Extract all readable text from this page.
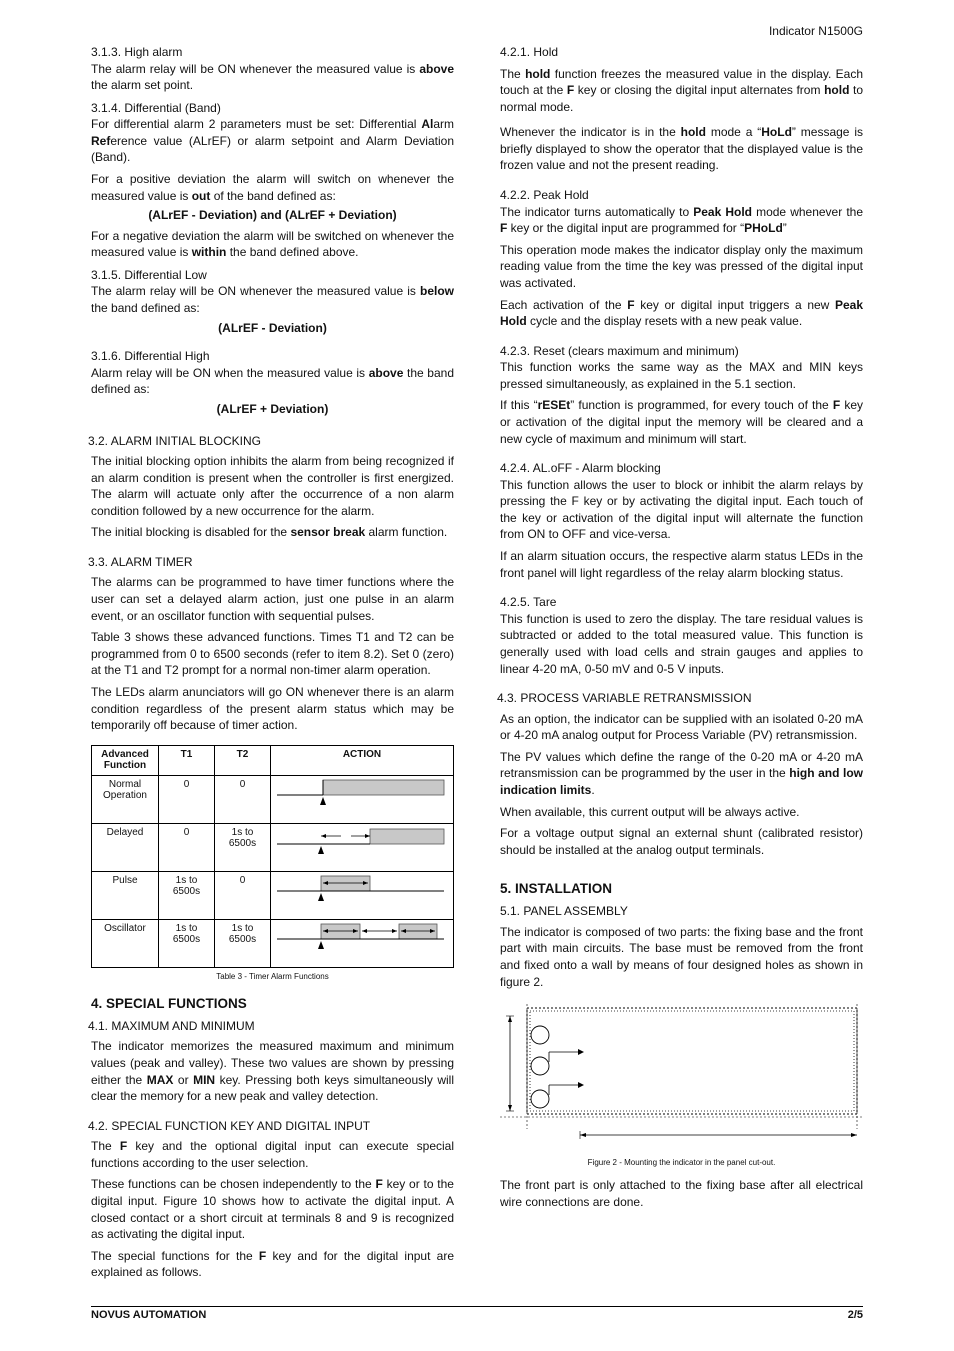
Indicator N1500G
3.1.3. High alarm

The alarm relay will be ON whenever the measured value is above the alarm set point.

3.1.4. Differential (Band)

For differential alarm 2 parameters must be set: Differential Alarm Reference value (ALrEF) or alarm setpoint and Alarm Deviation (Band).

For a positive deviation the alarm will switch on whenever the measured value is out of the band defined as:

(ALrEF - Deviation) and (ALrEF + Deviation)

For a negative deviation the alarm will be switched on whenever the measured value is within the band defined above.

3.1.5. Differential Low

The alarm relay will be ON whenever the measured value is below the band defined as:

(ALrEF - Deviation)
3.1.6. Differential High

Alarm relay will be ON when the measured value is above the band defined as:

(ALrEF + Deviation)
3.2. ALARM INITIAL BLOCKING

The initial blocking option inhibits the alarm from being recognized if an alarm condition is present when the controller is first energized. The alarm will actuate only after the occurrence of a non alarm condition followed by a new occurrence for the alarm.

The initial blocking is disabled for the sensor break alarm function.

3.3. ALARM TIMER

The alarms can be programmed to have timer functions where the user can set a delayed alarm action, just one pulse in an alarm event, or an oscillator function with sequential pulses.

Table 3 shows these advanced functions. Times T1 and T2 can be programmed from 0 to 6500 seconds (refer to item 8.2). Set 0 (zero) at the T1 and T2 prompt for a normal non-timer alarm operation.

The LEDs alarm anunciators will go ON whenever there is an alarm condition regardless of the present alarm status which may be temporarily off because of timer action.

Advanced Function	T1	T2	ACTION
Normal Operation	0	0	
Delayed	0	1s to 6500s	
Pulse	1s to 6500s	0	
Oscillator	1s to 6500s	1s to 6500s	
Table 3 - Timer Alarm Functions
4. SPECIAL FUNCTIONS
4.1. MAXIMUM AND MINIMUM

The indicator memorizes the measured maximum and minimum values (peak and valley). These two values are shown by pressing either the MAX or MIN key. Pressing both keys simultaneously will clear the memory for a new peak and valley detection.

4.2. SPECIAL FUNCTION KEY AND DIGITAL INPUT

The F key and the optional digital input can execute special functions according to the user selection.

These functions can be chosen independently to the F key or to the digital input. Figure 10 shows how to activate the digital input. A closed contact or a short circuit at terminals 8 and 9 is recognized as activating the digital input.

The special functions for the F key and for the digital input are explained as follows.

4.2.1. Hold

The hold function freezes the measured value in the display. Each touch at the F key or closing the digital input alternates from hold to normal mode.

Whenever the indicator is in the hold mode a “HoLd” message is briefly displayed to show the operator that the displayed value is the frozen value and not the present reading.

4.2.2. Peak Hold

The indicator turns automatically to Peak Hold mode whenever the F key or the digital input are programmed for “PHoLd”

This operation mode makes the indicator display only the maximum reading value from the time the key was pressed of the digital input was activated.

Each activation of the F key or digital input triggers a new Peak Hold cycle and the display resets with a new peak value.

4.2.3. Reset (clears maximum and minimum)

This function works the same way as the MAX and MIN keys pressed simultaneously, as explained in the 5.1 section.

If this “rESEt” function is programmed, for every touch of the F key or activation of the digital input the memory will be cleared and a new cycle of maximum and minimum will start.

4.2.4. AL.oFF - Alarm blocking

This function allows the user to block or inhibit the alarm relays by pressing the F key or by activating the digital input. Each touch of the key or activation of the digital input will alternate the function from ON to OFF and vice-versa.

If an alarm situation occurs, the respective alarm status LEDs in the front panel will light regardless of the relay alarm blocking status.

4.2.5. Tare

This function is used to zero the display. The tare residual values is subtracted or added to the total measured value. This function is generally used with load cells and strain gauges and applies to linear 4-20 mA, 0-50 mV and 0-5 V inputs.

4.3. PROCESS VARIABLE RETRANSMISSION

As an option, the indicator can be supplied with an isolated 0-20 mA or 4-20 mA analog output for Process Variable (PV) retransmission.

The PV values which define the range of the 0-20 mA or 4-20 mA retransmission can be programmed by the user in the high and low indication limits.

When available, this current output will be always active.

For a voltage output signal an external shunt (calibrated resistor) should be installed at the analog output terminals.

5. INSTALLATION
5.1. PANEL ASSEMBLY

The indicator is composed of two parts: the fixing base and the front part with main circuits. The base must be removed from the front and fixed onto a wall by means of four designed holes as shown in figure 2.

Figure 2 - Mounting the indicator in the panel cut-out.

The front part is only attached to the fixing base after all electrical wire connections are done.

NOVUS AUTOMATION	2/5
